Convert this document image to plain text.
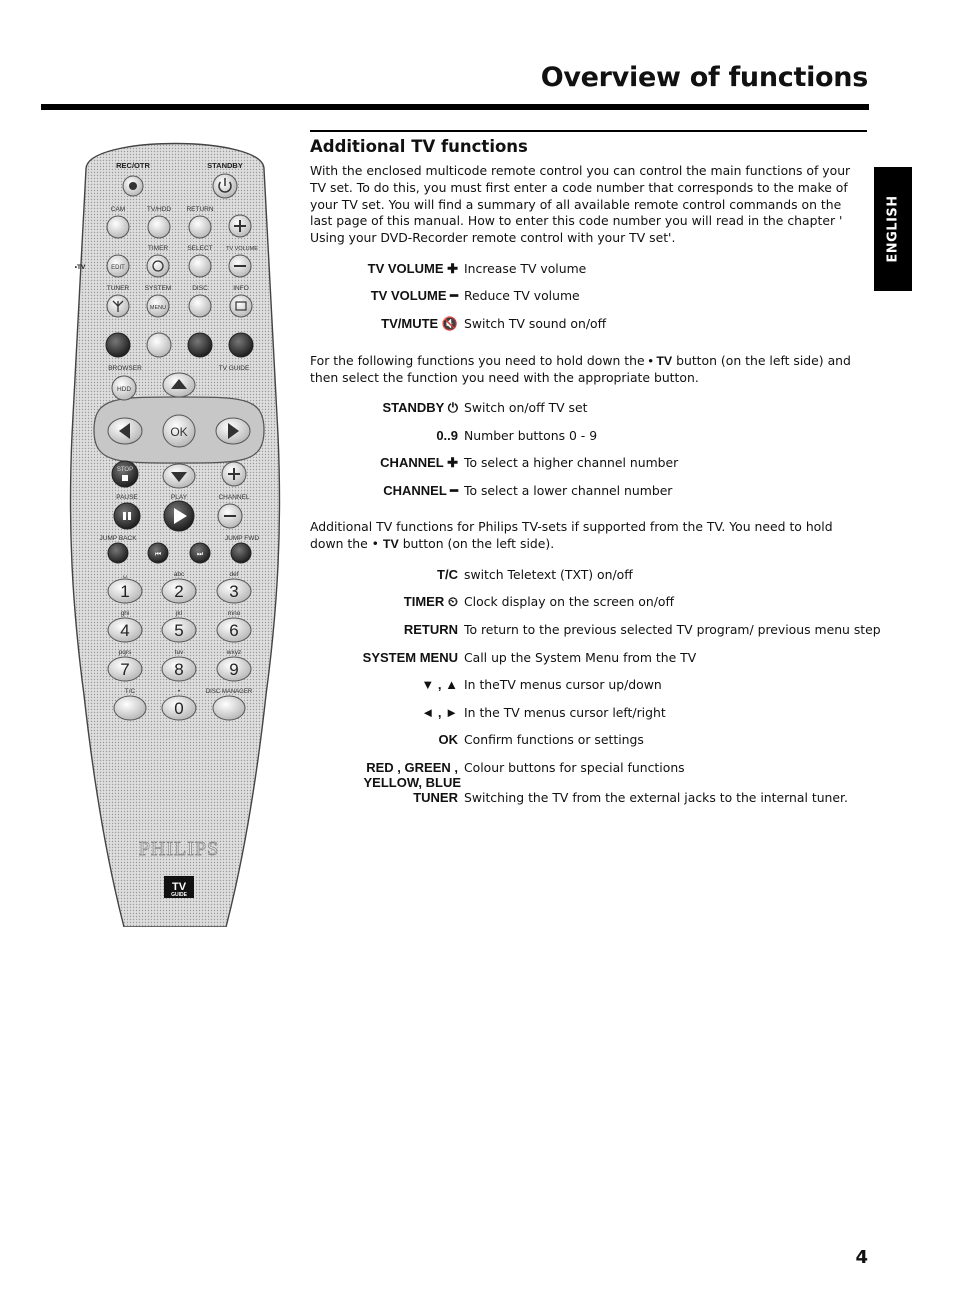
Overview of functions
ENGLISH
REC/OTR	STANDBY
CAM	TV/HDD RETURN
TIMER	SELECT TV VOLUME
TUNER SYSTEM	DISC	INFO
BROWSER	TV GUIDE
PAUSE	PLAY	CHANNEL
JUMP BACK	JUMP FWD
T/C	•	DISC MANAGER
•TV	EDIT
MENU
HDD
OK
STOP
⏮	⏭
1
␣
2
abc
3
def
4
ghi
5
jkl
6
mno
7
pqrs
8
tuv
9
wxyz
0
PHILIPS
TV
GUIDE
Additional TV functions

With the enclosed multicode remote control you can control the main functions of your TV set. To do this, you must first enter a code number that corresponds to the make of your TV set. You will find a summary of all available remote control commands on the last page of this manual. How to enter this code number you will read in the chapter ' Using your DVD-Recorder remote control with your TV set'.

TV VOLUME ✚ Increase TV volume
TV VOLUME ━ Reduce TV volume
TV/MUTE 🔇 Switch TV sound on/off

For the following functions you need to hold down the • TV button (on the left side) and then select the function you need with the appropriate button.

STANDBY ⏻ Switch on/off TV set
0..9 Number buttons 0 - 9
CHANNEL ✚ To select a higher channel number
CHANNEL ━ To select a lower channel number

Additional TV functions for Philips TV-sets if supported from the TV. You need to hold down the • TV button (on the left side).

T/C switch Teletext (TXT) on/off
TIMER ⏲ Clock display on the screen on/off
RETURN To return to the previous selected TV program/ previous menu step
SYSTEM MENU Call up the System Menu from the TV
▼ , ▲ In theTV menus cursor up/down
◄ , ► In the TV menus cursor left/right
OK Confirm functions or settings
RED , GREEN ,
YELLOW, BLUE
Colour buttons for special functions
TUNER Switching the TV from the external jacks to the internal tuner.
4
